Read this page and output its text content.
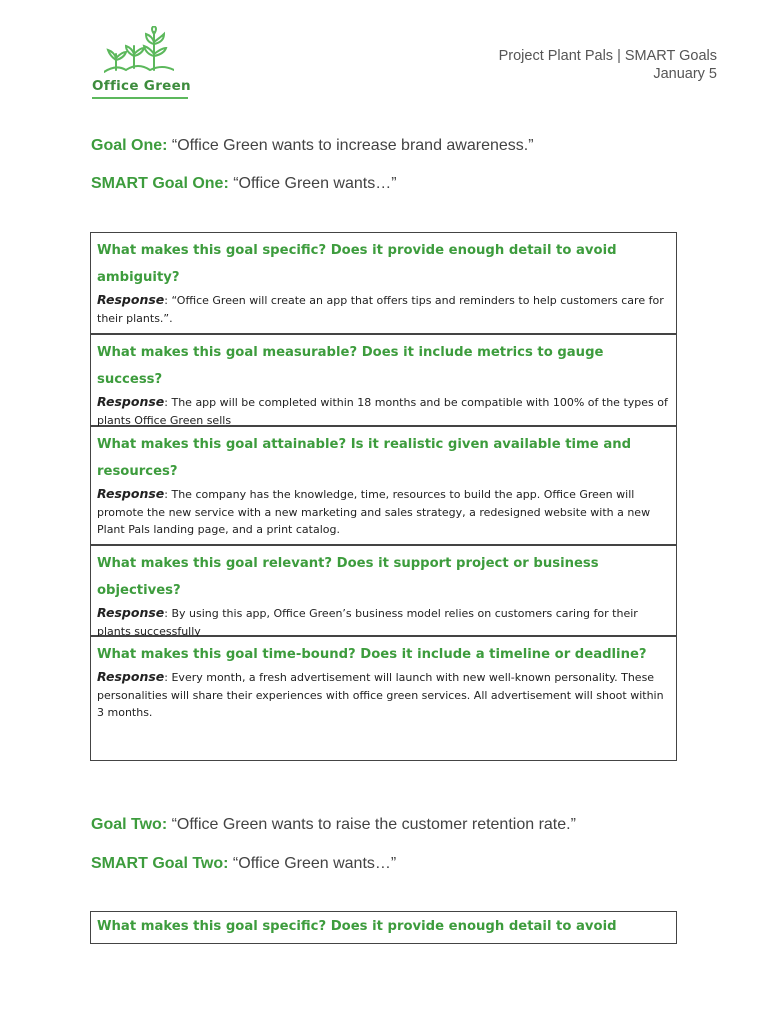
Office Green
Project Plant Pals | SMART Goals
January 5
Goal One: “Office Green wants to increase brand awareness.”
SMART Goal One: “Office Green wants…”
What makes this goal specific? Does it provide enough detail to avoid ambiguity?
Response: “Office Green will create an app that offers tips and reminders to help customers care for their plants.”.
What makes this goal measurable? Does it include metrics to gauge success?
Response: The app will be completed within 18 months and be compatible with 100% of the types of plants Office Green sells
What makes this goal attainable? Is it realistic given available time and resources?
Response: The company has the knowledge, time, resources to build the app. Office Green will promote the new service with a new marketing and sales strategy, a redesigned website with a new Plant Pals landing page, and a print catalog.
What makes this goal relevant? Does it support project or business objectives?
Response: By using this app, Office Green’s business model relies on customers caring for their plants successfully
What makes this goal time-bound? Does it include a timeline or deadline?
Response: Every month, a fresh advertisement will launch with new well-known personality. These personalities will share their experiences with office green services. All advertisement will shoot within 3 months.
Goal Two: “Office Green wants to raise the customer retention rate.”
SMART Goal Two: “Office Green wants…”
What makes this goal specific? Does it provide enough detail to avoid
